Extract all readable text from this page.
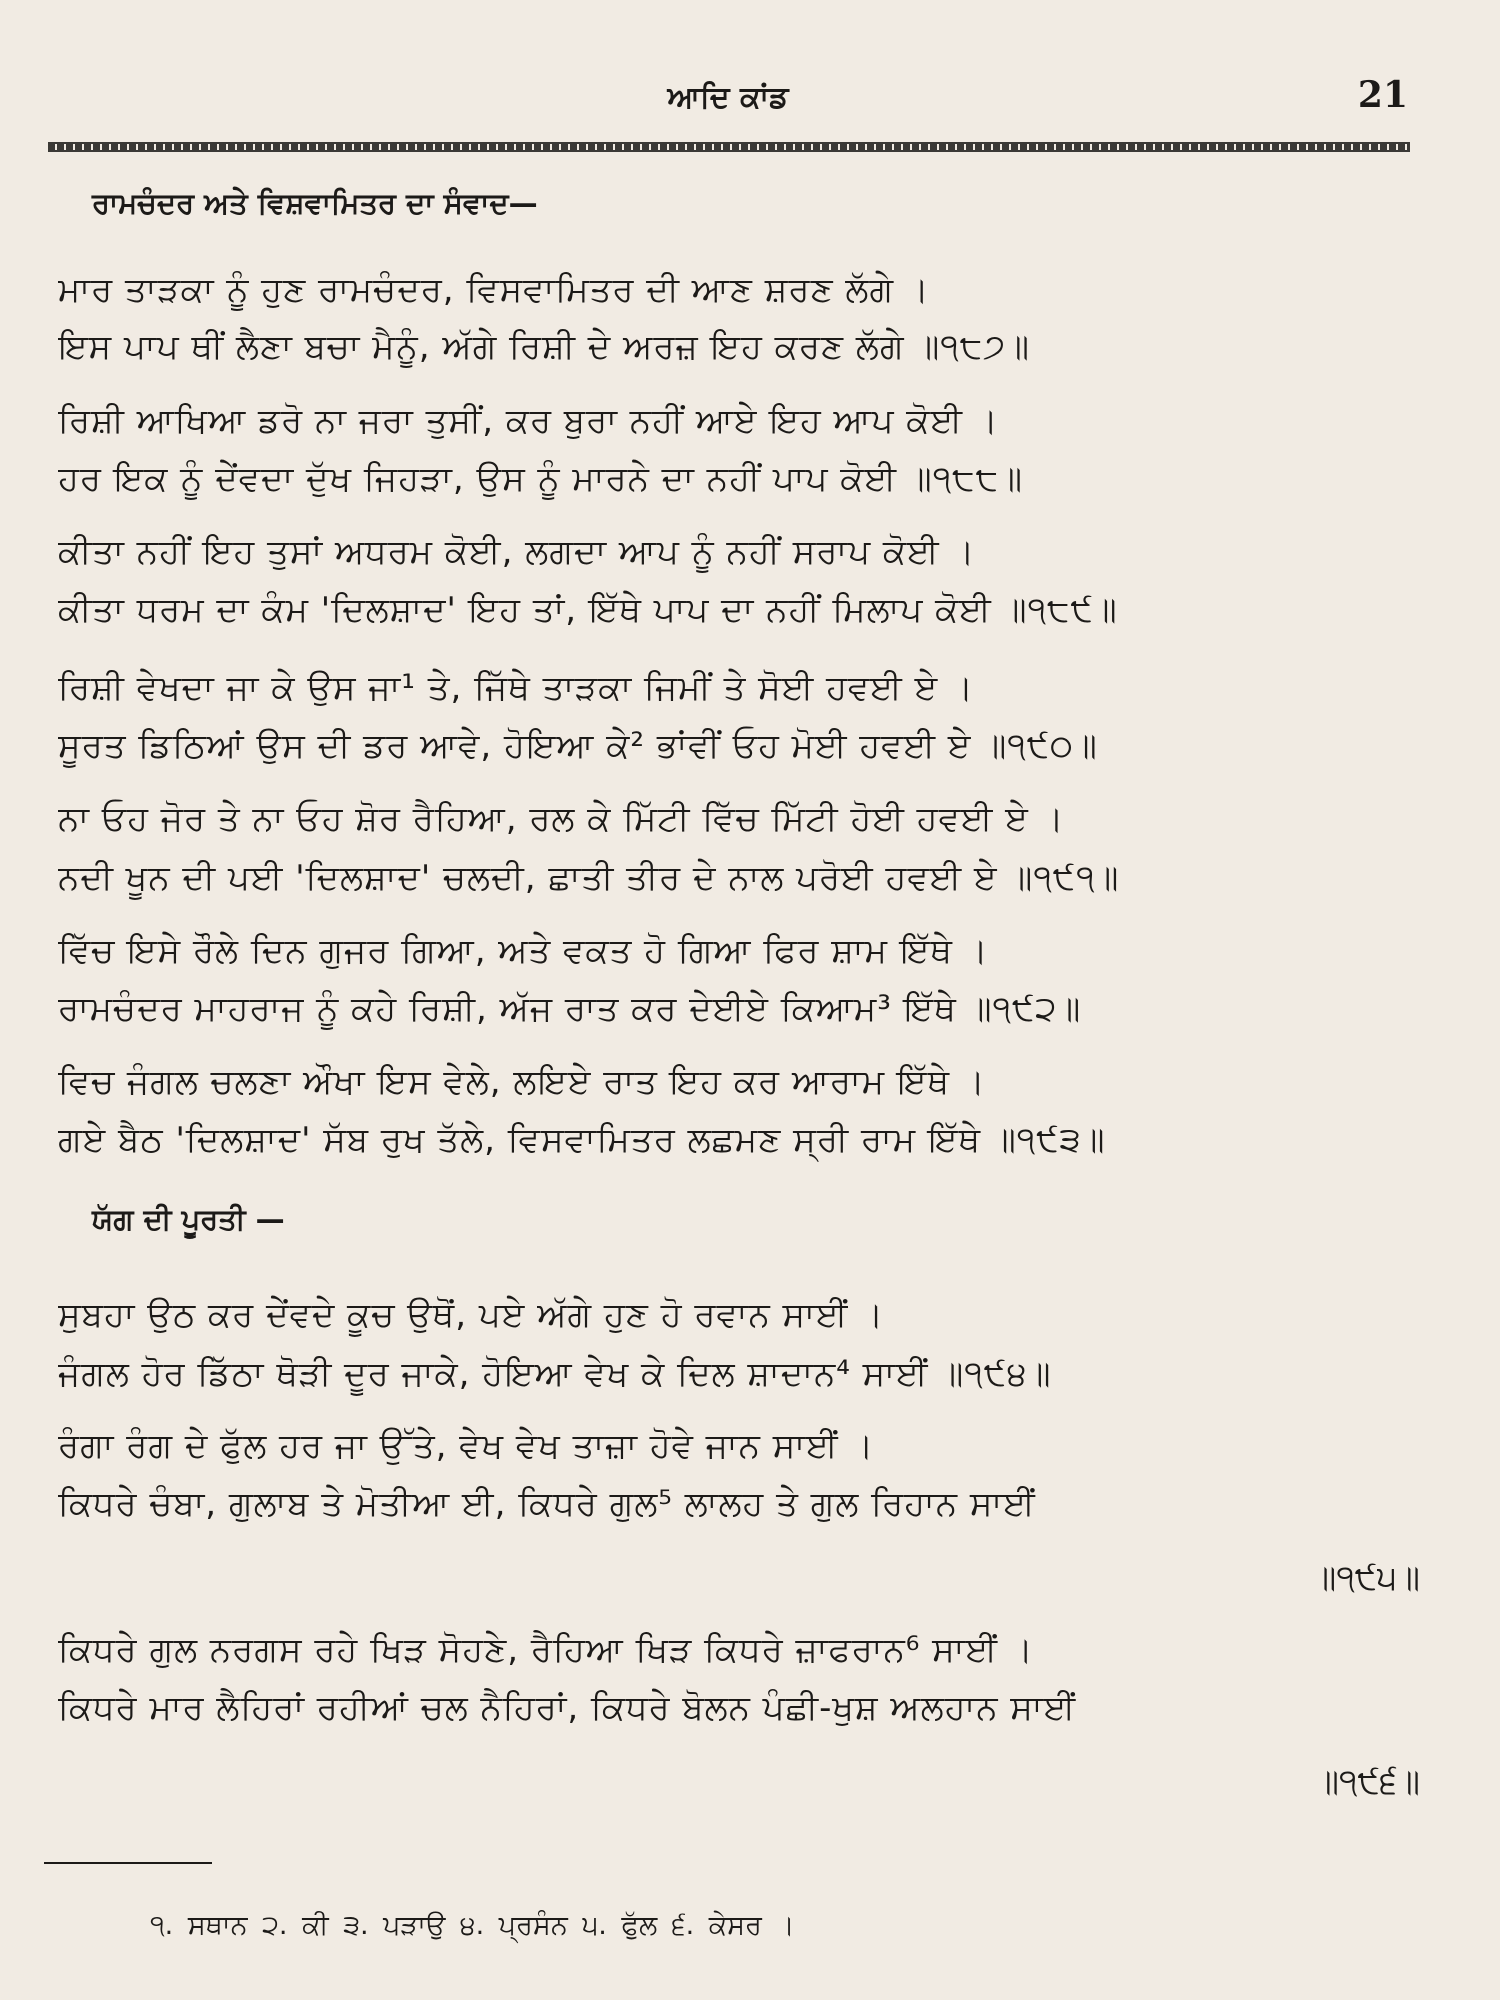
ਆਦਿ ਕਾਂਡ	21
ਰਾਮਚੰਦਰ ਅਤੇ ਵਿਸ਼ਵਾਮਿਤਰ ਦਾ ਸੰਵਾਦ—
ਮਾਰ ਤਾੜਕਾ ਨੂੰ ਹੁਣ ਰਾਮਚੰਦਰ, ਵਿਸਵਾਮਿਤਰ ਦੀ ਆਣ ਸ਼ਰਣ ਲੱਗੇ ।
ਇਸ ਪਾਪ ਥੀਂ ਲੈਣਾ ਬਚਾ ਮੈਨੂੰ, ਅੱਗੇ ਰਿਸ਼ੀ ਦੇ ਅਰਜ਼ ਇਹ ਕਰਣ ਲੱਗੇ ॥੧੮੭॥
ਰਿਸ਼ੀ ਆਖਿਆ ਡਰੋ ਨਾ ਜਰਾ ਤੁਸੀਂ, ਕਰ ਬੁਰਾ ਨਹੀਂ ਆਏ ਇਹ ਆਪ ਕੋਈ ।
ਹਰ ਇਕ ਨੂੰ ਦੇਂਵਦਾ ਦੁੱਖ ਜਿਹੜਾ, ਉਸ ਨੂੰ ਮਾਰਨੇ ਦਾ ਨਹੀਂ ਪਾਪ ਕੋਈ ॥੧੮੮॥
ਕੀਤਾ ਨਹੀਂ ਇਹ ਤੁਸਾਂ ਅਧਰਮ ਕੋਈ, ਲਗਦਾ ਆਪ ਨੂੰ ਨਹੀਂ ਸਰਾਪ ਕੋਈ ।
ਕੀਤਾ ਧਰਮ ਦਾ ਕੰਮ 'ਦਿਲਸ਼ਾਦ' ਇਹ ਤਾਂ, ਇੱਥੇ ਪਾਪ ਦਾ ਨਹੀਂ ਮਿਲਾਪ ਕੋਈ ॥੧੮੯॥
ਰਿਸ਼ੀ ਵੇਖਦਾ ਜਾ ਕੇ ਉਸ ਜਾ¹ ਤੇ, ਜਿੱਥੇ ਤਾੜਕਾ ਜਿਮੀਂ ਤੇ ਸੋਈ ਹਵਈ ਏ ।
ਸੂਰਤ ਡਿਠਿਆਂ ਉਸ ਦੀ ਡਰ ਆਵੇ, ਹੋਇਆ ਕੇ² ਭਾਂਵੀਂ ਓਹ ਮੋਈ ਹਵਈ ਏ ॥੧੯੦॥
ਨਾ ਓਹ ਜੋਰ ਤੇ ਨਾ ਓਹ ਸ਼ੋਰ ਰੈਹਿਆ, ਰਲ ਕੇ ਮਿੱਟੀ ਵਿੱਚ ਮਿੱਟੀ ਹੋਈ ਹਵਈ ਏ ।
ਨਦੀ ਖੂਨ ਦੀ ਪਈ 'ਦਿਲਸ਼ਾਦ' ਚਲਦੀ, ਛਾਤੀ ਤੀਰ ਦੇ ਨਾਲ ਪਰੋਈ ਹਵਈ ਏ ॥੧੯੧॥
ਵਿੱਚ ਇਸੇ ਰੌਲੇ ਦਿਨ ਗੁਜਰ ਗਿਆ, ਅਤੇ ਵਕਤ ਹੋ ਗਿਆ ਫਿਰ ਸ਼ਾਮ ਇੱਥੇ ।
ਰਾਮਚੰਦਰ ਮਾਹਰਾਜ ਨੂੰ ਕਹੇ ਰਿਸ਼ੀ, ਅੱਜ ਰਾਤ ਕਰ ਦੇਈਏ ਕਿਆਮ³ ਇੱਥੇ ॥੧੯੨॥
ਵਿਚ ਜੰਗਲ ਚਲਣਾ ਔਖਾ ਇਸ ਵੇਲੇ, ਲਇਏ ਰਾਤ ਇਹ ਕਰ ਆਰਾਮ ਇੱਥੇ ।
ਗਏ ਬੈਠ 'ਦਿਲਸ਼ਾਦ' ਸੱਬ ਰੁਖ ਤੱਲੇ, ਵਿਸਵਾਮਿਤਰ ਲਛਮਣ ਸ੍ਰੀ ਰਾਮ ਇੱਥੇ ॥੧੯੩॥
ਯੱਗ ਦੀ ਪੂਰਤੀ —
ਸੁਬਹਾ ਉਠ ਕਰ ਦੇਂਵਦੇ ਕੂਚ ਉਥੋਂ, ਪਏ ਅੱਗੇ ਹੁਣ ਹੋ ਰਵਾਨ ਸਾਈਂ ।
ਜੰਗਲ ਹੋਰ ਡਿੱਠਾ ਥੋੜੀ ਦੂਰ ਜਾਕੇ, ਹੋਇਆ ਵੇਖ ਕੇ ਦਿਲ ਸ਼ਾਦਾਨ⁴ ਸਾਈਂ ॥੧੯੪॥
ਰੰਗਾ ਰੰਗ ਦੇ ਫੁੱਲ ਹਰ ਜਾ ਉੱਤੇ, ਵੇਖ ਵੇਖ ਤਾਜ਼ਾ ਹੋਵੇ ਜਾਨ ਸਾਈਂ ।
ਕਿਧਰੇ ਚੰਬਾ, ਗੁਲਾਬ ਤੇ ਮੋਤੀਆ ਈ, ਕਿਧਰੇ ਗੁਲ⁵ ਲਾਲਹ ਤੇ ਗੁਲ ਰਿਹਾਨ ਸਾਈਂ
॥੧੯੫॥
ਕਿਧਰੇ ਗੁਲ ਨਰਗਸ ਰਹੇ ਖਿੜ ਸੋਹਣੇ, ਰੈਹਿਆ ਖਿੜ ਕਿਧਰੇ ਜ਼ਾਫਰਾਨ⁶ ਸਾਈਂ ।
ਕਿਧਰੇ ਮਾਰ ਲੈਹਿਰਾਂ ਰਹੀਆਂ ਚਲ ਨੈਹਿਰਾਂ, ਕਿਧਰੇ ਬੋਲਨ ਪੰਛੀ-ਖੁਸ਼ ਅਲਹਾਨ ਸਾਈਂ
॥੧੯੬॥
੧. ਸਥਾਨ ੨. ਕੀ ੩. ਪੜਾਉ ੪. ਪ੍ਰਸੰਨ ੫. ਫੁੱਲ ੬. ਕੇਸਰ ।
